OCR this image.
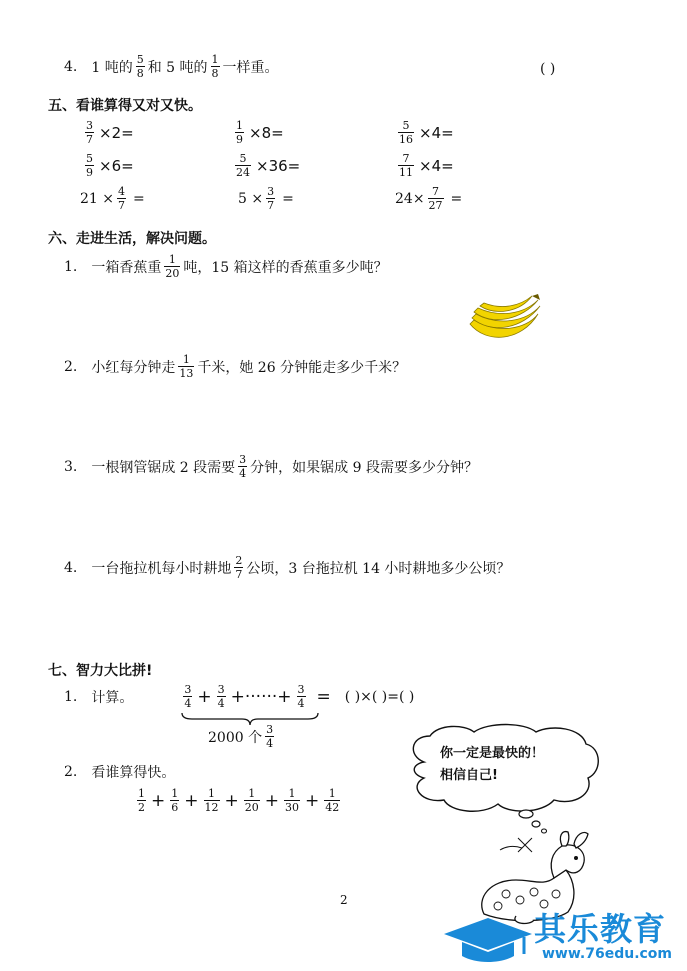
4. 1 吨的 $\frac{5}{8}$ 和 5 吨的 $\frac{1}{8}$ 一样重。	( )
五、看谁算得又对又快。
$\frac{3}{7} \times 2=$	$\frac{1}{9} \times 8=$	$\frac{5}{16} \times 4=$
$\frac{5}{9} \times 6=$	$\frac{5}{24} \times 36=$	$\frac{7}{11} \times 4=$
$21 \times \frac{4}{7}$ =	$5 \times \frac{3}{7}$ =	$24\times \frac{7}{27}$ =
六、走进生活，解决问题。
1. 一箱香蕉重 $\frac{1}{20}$ 吨，15 箱这样的香蕉重多少吨？
2. 小红每分钟走 $\frac{1}{13}$ 千米，她 26 分钟能走多少千米？
3. 一根钢管锯成 2 段需要 $\frac{3}{4}$ 分钟，如果锯成 9 段需要多少分钟？
4. 一台拖拉机每小时耕地 $\frac{2}{7}$ 公顷，3 台拖拉机 14 小时耕地多少公顷？
七、智力大比拼!
1. 计算。	$\frac{3}{4} + \frac{3}{4}$ +······+ $\frac{3}{4}$ = ( )×( )=( )
2000 个 $\frac{3}{4}$
2. 看谁算得快。
$\frac{1}{2} + \frac{1}{6} + \frac{1}{12} + \frac{1}{20} + \frac{1}{30} + \frac{1}{42}$
你一定是最快的！
相信自己!
2
其乐教育
www.76edu.com
